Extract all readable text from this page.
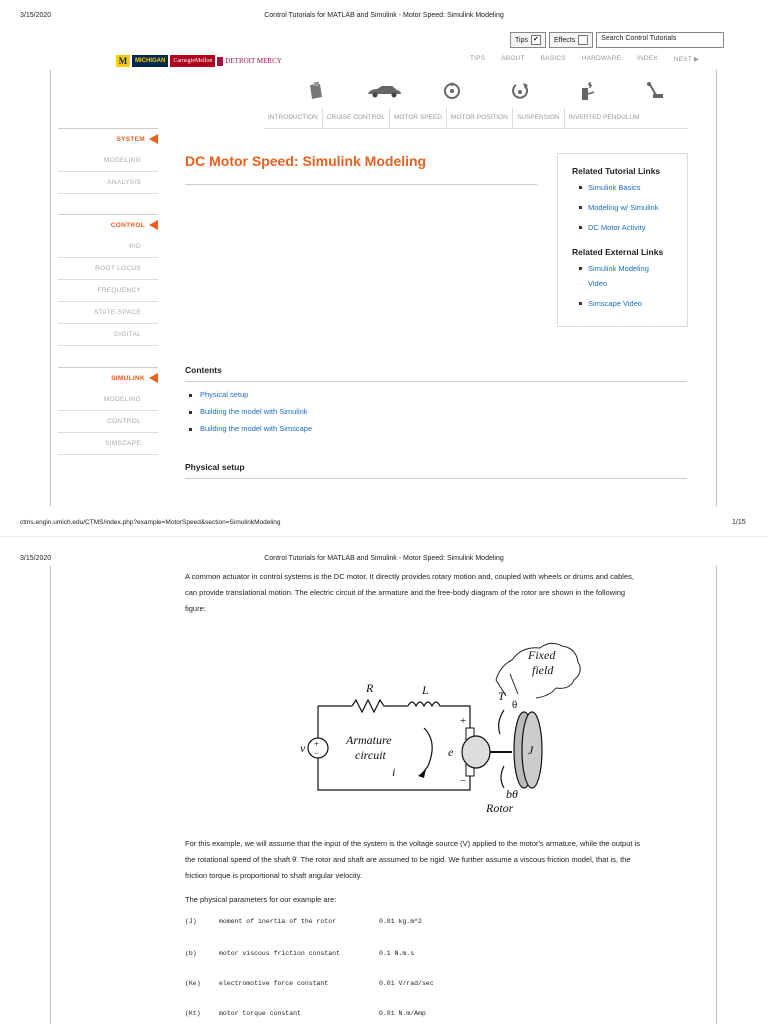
3/15/2020	Control Tutorials for MATLAB and Simulink - Motor Speed: Simulink Modeling
Tips ✔ Effects	Search Control Tutorials
M	MICHIGAN	CarnegieMellon	DETROIT MERCY	TIPS ABOUT BASICS HARDWARE INDEX NEXT ▶
INTRODUCTION	CRUISE CONTROL	MOTOR SPEED	MOTOR POSITION	SUSPENSION	INVERTED PENDULUM
SYSTEM
MODELING
ANALYSIS
CONTROL
PID
ROOT LOCUS
FREQUENCY
STATE-SPACE
DIGITAL
SIMULINK
MODELING
CONTROL
SIMSCAPE
DC Motor Speed: Simulink Modeling
Related Tutorial Links
Simulink Basics
Modeling w/ Simulink
DC Motor Activity
Related External Links
Simulink Modeling Video
Simscape Video
Contents
Physical setup
Building the model with Simulink
Building the model with Simscape
Physical setup
ctms.engin.umich.edu/CTMS/index.php?example=MotorSpeed&section=SimulinkModeling	1/15
3/15/2020	Control Tutorials for MATLAB and Simulink - Motor Speed: Simulink Modeling
A common actuator in control systems is the DC motor. It directly provides rotary motion and, coupled with wheels or drums and cables,
can provide translational motion. The electric circuit of the armature and the free-body diagram of the rotor are shown in the following
figure:
Fixed
field
R	L
+
−
v
Armature
circuit
i
+
−
e	J
T
θ
bθ
Rotor
For this example, we will assume that the input of the system is the voltage source (V) applied to the motor's armature, while the output is
the rotational speed of the shaft θ̇. The rotor and shaft are assumed to be rigid. We further assume a viscous friction model, that is, the
friction torque is proportional to shaft angular velocity.
The physical parameters for our example are:
(J)	moment of inertia of the rotor	0.01 kg.m^2
(b)	motor viscous friction constant	0.1 N.m.s
(Ke)	electromotive force constant	0.01 V/rad/sec
(Kt)	motor torque constant	0.01 N.m/Amp
